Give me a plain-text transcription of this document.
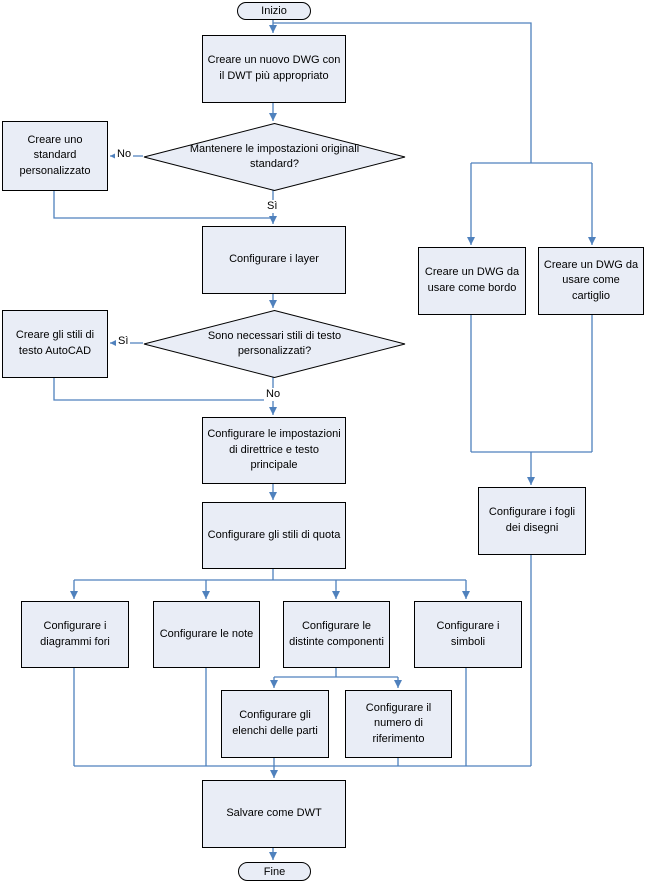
Inizio
Fine
Creare un nuovo DWG con il DWT più appropriato
Creare uno standard personalizzato
Configurare i layer
Creare gli stili di testo AutoCAD
Configurare le impostazioni di direttrice e testo principale
Configurare gli stili di quota
Configurare i diagrammi fori
Configurare le note
Configurare le distinte componenti
Configurare i simboli
Configurare gli elenchi delle parti
Configurare il numero di riferimento
Creare un DWG da usare come bordo
Creare un DWG da usare come cartiglio
Configurare i fogli dei disegni
Salvare come DWT
Mantenere le impostazioni originali standard?
Sono necessari stili di testo personalizzati?
No
Sì
Sì
No
